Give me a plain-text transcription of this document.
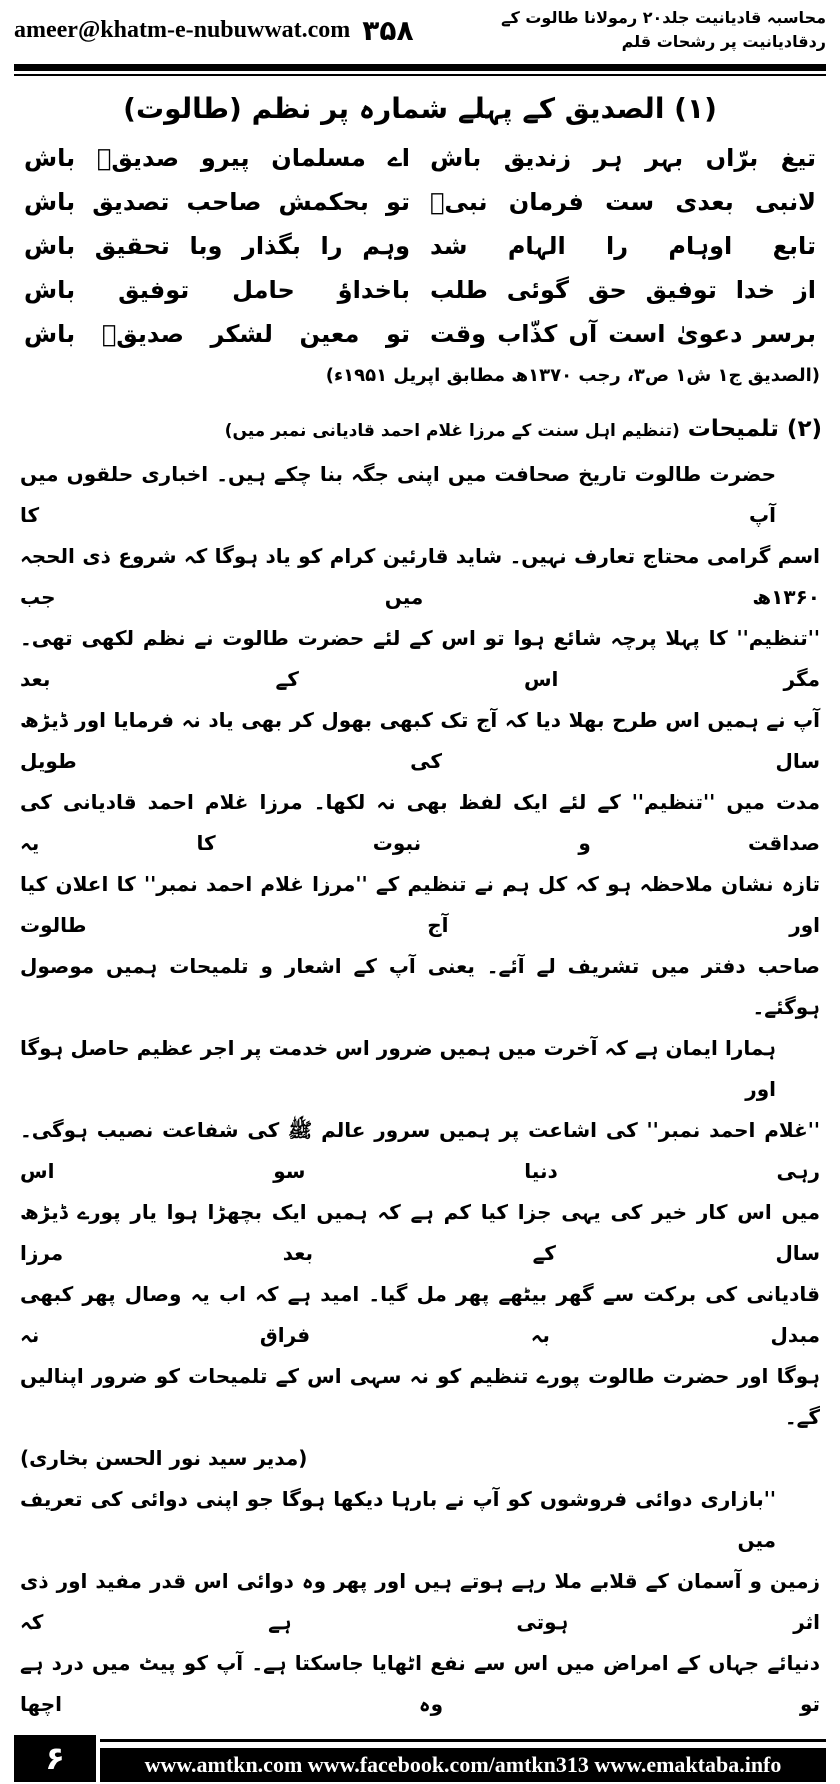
ameer@khatm-e-nubuwwat.com ۳۵۸	محاسبہ قادیانیت جلد۲۰ رمولانا طالوت کے ردقادیانیت پر رشحات قلم
(۱) الصدیق کے پہلے شمارہ پر نظم (طالوت)
تیغ
برّاں
بہر
ہر
زندیق
باش
اے
مسلمان
پیرو
صدیقؓ
باش
لانبی
بعدی
ست
فرمان
نبیؐ
تو
بحکمش
صاحب
تصدیق
باش
تابع
اوہام
را
الہام
شد
وہم
را
بگذار
وبا
تحقیق
باش
از
خدا
توفیق
حق
گوئی
طلب
باخداؤ
حامل
توفیق
باش
برسر
دعویٰ
است
آں
کذّاب
وقت
تو
معین
لشکر
صدیقؓ
باش
(الصدیق ج۱ ش۱ ص۳، رجب ۱۳۷۰ھ مطابق اپریل ۱۹۵۱ء)
(۲) تلمیحات (تنظیم اہل سنت کے مرزا غلام احمد قادیانی نمبر میں)
حضرت طالوت تاریخ صحافت میں اپنی جگہ بنا چکے ہیں۔ اخباری حلقوں میں آپ کا
اسم گرامی محتاج تعارف نہیں۔ شاید قارئین کرام کو یاد ہوگا کہ شروع ذی الحجہ ۱۳۶۰ھ میں جب
''تنظیم'' کا پہلا پرچہ شائع ہوا تو اس کے لئے حضرت طالوت نے نظم لکھی تھی۔ مگر اس کے بعد
آپ نے ہمیں اس طرح بھلا دیا کہ آج تک کبھی بھول کر بھی یاد نہ فرمایا اور ڈیڑھ سال کی طویل
مدت میں ''تنظیم'' کے لئے ایک لفظ بھی نہ لکھا۔ مرزا غلام احمد قادیانی کی صداقت و نبوت کا یہ
تازہ نشان ملاحظہ ہو کہ کل ہم نے تنظیم کے ''مرزا غلام احمد نمبر'' کا اعلان کیا اور آج طالوت
صاحب دفتر میں تشریف لے آئے۔ یعنی آپ کے اشعار و تلمیحات ہمیں موصول ہوگئے۔
ہمارا ایمان ہے کہ آخرت میں ہمیں ضرور اس خدمت پر اجر عظیم حاصل ہوگا اور
''غلام احمد نمبر'' کی اشاعت پر ہمیں سرور عالم ﷺ کی شفاعت نصیب ہوگی۔ رہی دنیا سو اس
میں اس کار خیر کی یہی جزا کیا کم ہے کہ ہمیں ایک بچھڑا ہوا یار پورے ڈیڑھ سال کے بعد مرزا
قادیانی کی برکت سے گھر بیٹھے پھر مل گیا۔ امید ہے کہ اب یہ وصال پھر کبھی مبدل بہ فراق نہ
ہوگا اور حضرت طالوت پورے تنظیم کو نہ سہی اس کے تلمیحات کو ضرور اپنالیں گے۔
(مدیر سید نور الحسن بخاری)
''بازاری دوائی فروشوں کو آپ نے بارہا دیکھا ہوگا جو اپنی دوائی کی تعریف میں
زمین و آسمان کے قلابے ملا رہے ہوتے ہیں اور پھر وہ دوائی اس قدر مفید اور ذی اثر ہوتی ہے کہ
دنیائے جہاں کے امراض میں اس سے نفع اٹھایا جاسکتا ہے۔ آپ کو پیٹ میں درد ہے تو وہ اچھا
۶	www.amtkn.com www.facebook.com/amtkn313 www.emaktaba.info
